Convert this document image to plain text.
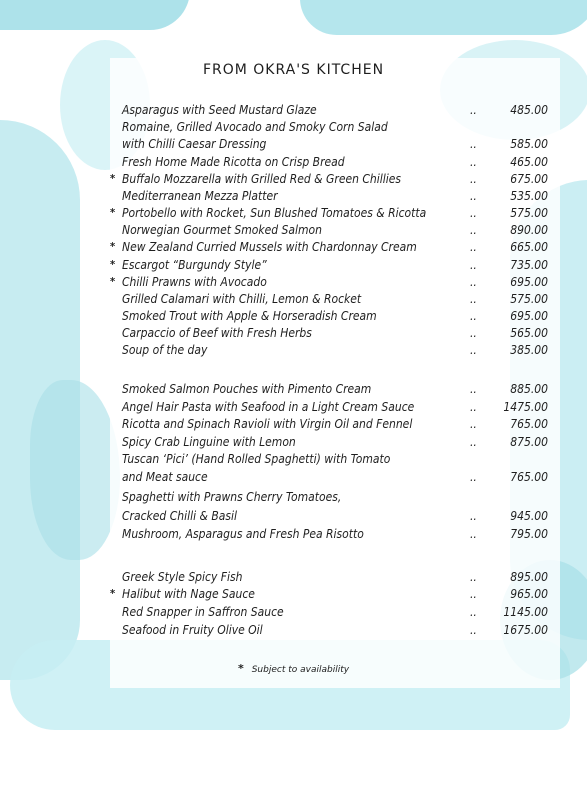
FROM OKRA'S KITCHEN
Asparagus with Seed Mustard Glaze	..	485.00
Romaine, Grilled Avocado and Smoky Corn Salad
with Chilli Caesar Dressing	..	585.00
Fresh Home Made Ricotta on Crisp Bread	..	465.00
* Buffalo Mozzarella with Grilled Red & Green Chillies	..	675.00
Mediterranean Mezza Platter	..	535.00
* Portobello with Rocket, Sun Blushed Tomatoes & Ricotta	..	575.00
Norwegian Gourmet Smoked Salmon	..	890.00
* New Zealand Curried Mussels with Chardonnay Cream	..	665.00
* Escargot “Burgundy Style”	..	735.00
* Chilli Prawns with Avocado	..	695.00
Grilled Calamari with Chilli, Lemon & Rocket	..	575.00
Smoked Trout with Apple & Horseradish Cream	..	695.00
Carpaccio of Beef with Fresh Herbs	..	565.00
Soup of the day	..	385.00
Smoked Salmon Pouches with Pimento Cream	..	885.00
Angel Hair Pasta with Seafood in a Light Cream Sauce	.. 1475.00
Ricotta and Spinach Ravioli with Virgin Oil and Fennel	..	765.00
Spicy Crab Linguine with Lemon	..	875.00
Tuscan ‘Pici’ (Hand Rolled Spaghetti) with Tomato
and Meat sauce	..	765.00
Spaghetti with Prawns Cherry Tomatoes,
Cracked Chilli & Basil	..	945.00
Mushroom, Asparagus and Fresh Pea Risotto	..	795.00
Greek Style Spicy Fish	..	895.00
* Halibut with Nage Sauce	..	965.00
Red Snapper in Saffron Sauce	.. 1145.00
Seafood in Fruity Olive Oil	.. 1675.00
* Subject to availability
